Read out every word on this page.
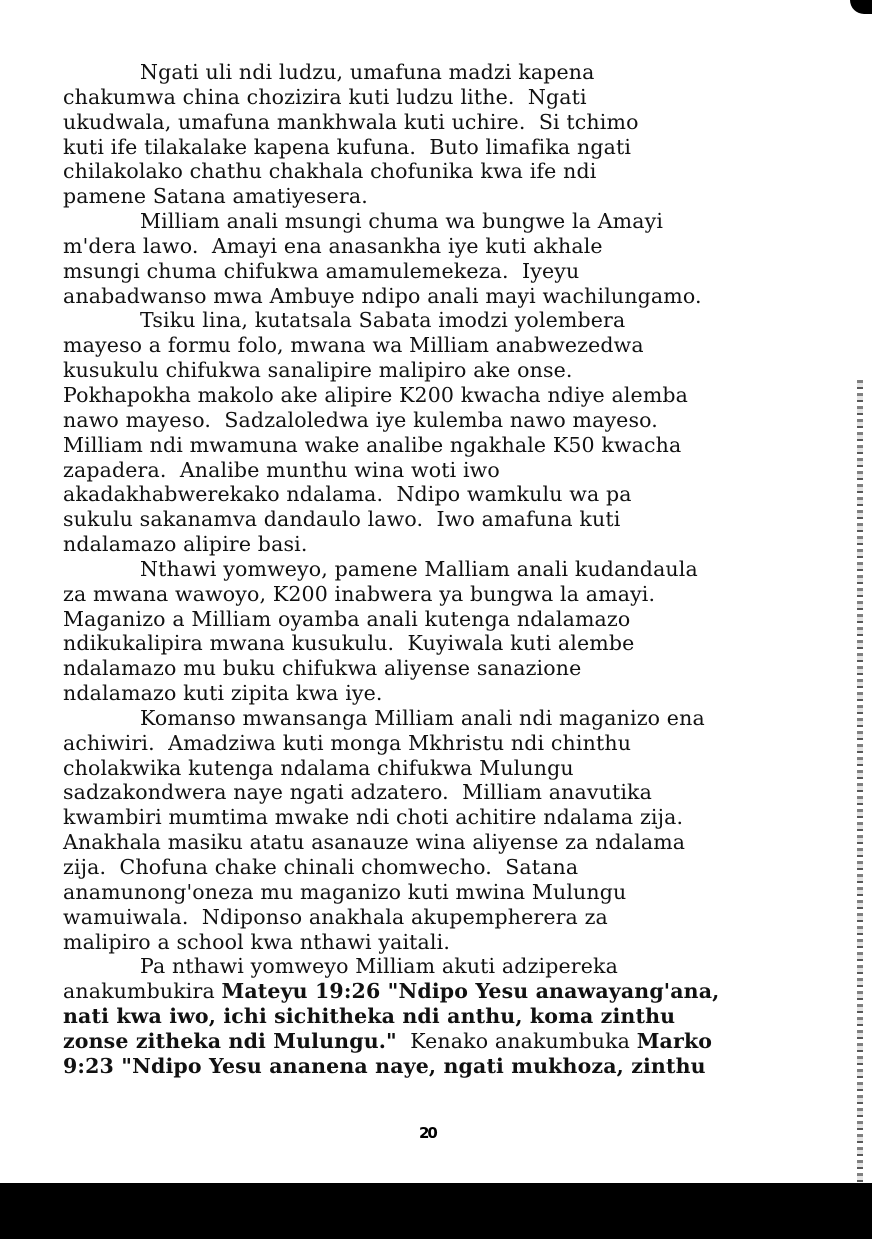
Ngati uli ndi ludzu, umafuna madzi kapena
chakumwa china chozizira kuti ludzu lithe.  Ngati
ukudwala, umafuna mankhwala kuti uchire.  Si tchimo
kuti ife tilakalake kapena kufuna.  Buto limafika ngati
chilakolako chathu chakhala chofunika kwa ife ndi
pamene Satana amatiyesera.
Milliam anali msungi chuma wa bungwe la Amayi
m'dera lawo.  Amayi ena anasankha iye kuti akhale
msungi chuma chifukwa amamulemekeza.  Iyeyu
anabadwanso mwa Ambuye ndipo anali mayi wachilungamo.
Tsiku lina, kutatsala Sabata imodzi yolembera
mayeso a formu folo, mwana wa Milliam anabwezedwa
kusukulu chifukwa sanalipire malipiro ake onse.
Pokhapokha makolo ake alipire K200 kwacha ndiye alemba
nawo mayeso.  Sadzaloledwa iye kulemba nawo mayeso.
Milliam ndi mwamuna wake analibe ngakhale K50 kwacha
zapadera.  Analibe munthu wina woti iwo
akadakhabwerekako ndalama.  Ndipo wamkulu wa pa
sukulu sakanamva dandaulo lawo.  Iwo amafuna kuti
ndalamazo alipire basi.
Nthawi yomweyo, pamene Malliam anali kudandaula
za mwana wawoyo, K200 inabwera ya bungwa la amayi.
Maganizo a Milliam oyamba anali kutenga ndalamazo
ndikukalipira mwana kusukulu.  Kuyiwala kuti alembe
ndalamazo mu buku chifukwa aliyense sanazione
ndalamazo kuti zipita kwa iye.
Komanso mwansanga Milliam anali ndi maganizo ena
achiwiri.  Amadziwa kuti monga Mkhristu ndi chinthu
cholakwika kutenga ndalama chifukwa Mulungu
sadzakondwera naye ngati adzatero.  Milliam anavutika
kwambiri mumtima mwake ndi choti achitire ndalama zija.
Anakhala masiku atatu asanauze wina aliyense za ndalama
zija.  Chofuna chake chinali chomwecho.  Satana
anamunong'oneza mu maganizo kuti mwina Mulungu
wamuiwala.  Ndiponso anakhala akupempherera za
malipiro a school kwa nthawi yaitali.
Pa nthawi yomweyo Milliam akuti adzipereka
anakumbukira Mateyu 19:26 "Ndipo Yesu anawayang'ana,
nati kwa iwo, ichi sichitheka ndi anthu, koma zinthu
zonse zitheka ndi Mulungu."  Kenako anakumbuka Marko
9:23 "Ndipo Yesu ananena naye, ngati mukhoza, zinthu
20
